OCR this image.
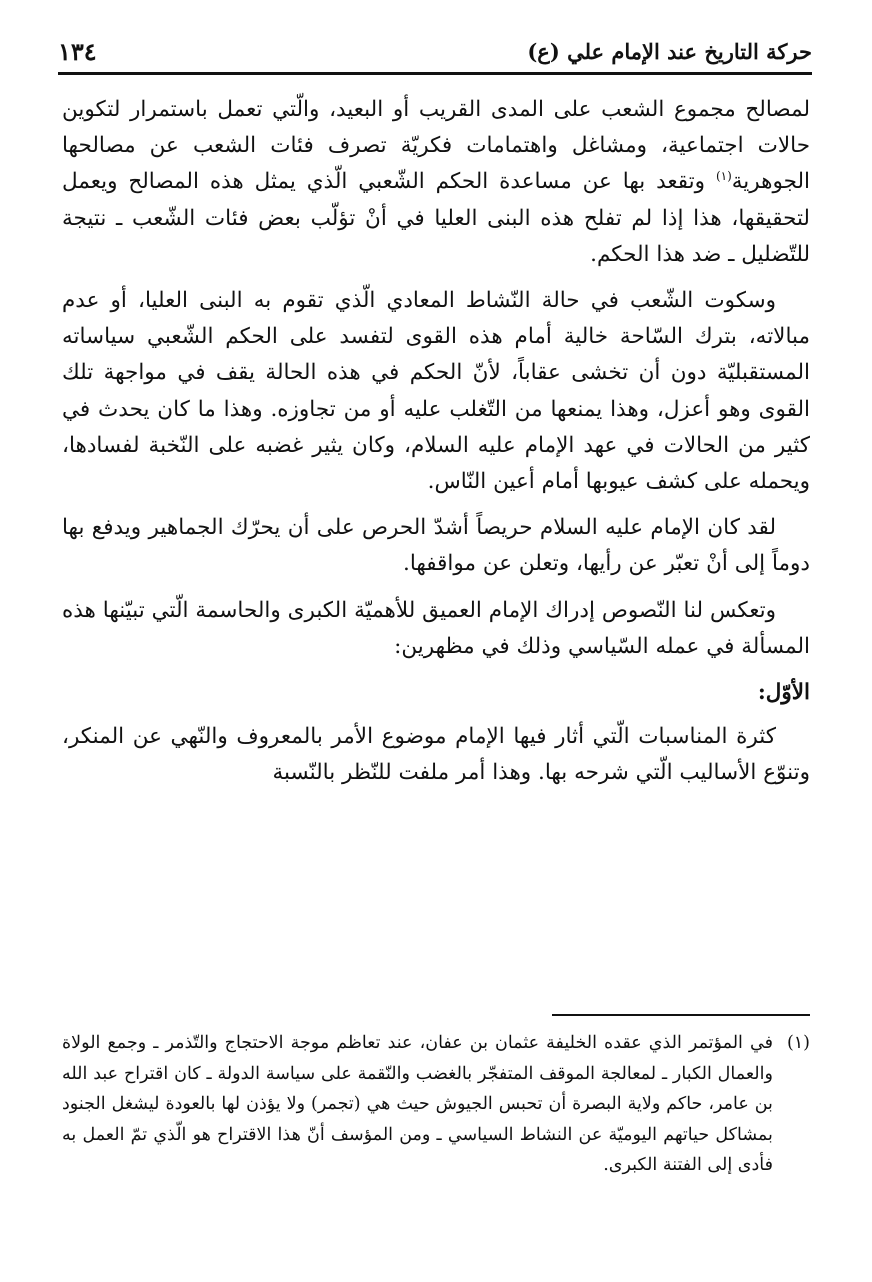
حركة التاريخ عند الإمام علي (ع)
١٣٤

لمصالح مجموع الشعب على المدى القريب أو البعيد، والّتي تعمل باستمرار لتكوين حالات اجتماعية، ومشاغل واهتمامات فكريّة تصرف فئات الشعب عن مصالحها الجوهرية$^{(١)}$ وتقعد بها عن مساعدة الحكم الشّعبي الّذي يمثل هذه المصالح ويعمل لتحقيقها، هذا إذا لم تفلح هذه البنى العليا في أنْ تؤلّب بعض فئات الشّعب ـ نتيجة للتّضليل ـ ضد هذا الحكم.

وسكوت الشّعب في حالة النّشاط المعادي الّذي تقوم به البنى العليا، أو عدم مبالاته، بترك السّاحة خالية أمام هذه القوى لتفسد على الحكم الشّعبي سياساته المستقبليّة دون أن تخشى عقاباً، لأنّ الحكم في هذه الحالة يقف في مواجهة تلك القوى وهو أعزل، وهذا يمنعها من التّغلب عليه أو من تجاوزه. وهذا ما كان يحدث في كثير من الحالات في عهد الإمام عليه السلام، وكان يثير غضبه على النّخبة لفسادها، ويحمله على كشف عيوبها أمام أعين النّاس.

لقد كان الإمام عليه السلام حريصاً أشدّ الحرص على أن يحرّك الجماهير ويدفع بها دوماً إلى أنْ تعبّر عن رأيها، وتعلن عن مواقفها.

وتعكس لنا النّصوص إدراك الإمام العميق للأهميّة الكبرى والحاسمة الّتي تبيّنها هذه المسألة في عمله السّياسي وذلك في مظهرين:

الأوّل:

كثرة المناسبات الّتي أثار فيها الإمام موضوع الأمر بالمعروف والنّهي عن المنكر، وتنوّع الأساليب الّتي شرحه بها. وهذا أمر ملفت للنّظر بالنّسبة

(١)
في المؤتمر الذي عقده الخليفة عثمان بن عفان، عند تعاظم موجة الاحتجاج والتّذمر ـ وجمع الولاة والعمال الكبار ـ لمعالجة الموقف المتفجّر بالغضب والنّقمة على سياسة الدولة ـ كان اقتراح عبد الله بن عامر، حاكم ولاية البصرة أن تحبس الجيوش حيث هي (تجمر) ولا يؤذن لها بالعودة ليشغل الجنود بمشاكل حياتهم اليوميّة عن النشاط السياسي ـ ومن المؤسف أنّ هذا الاقتراح هو الّذي تمّ العمل به فأدى إلى الفتنة الكبرى.
